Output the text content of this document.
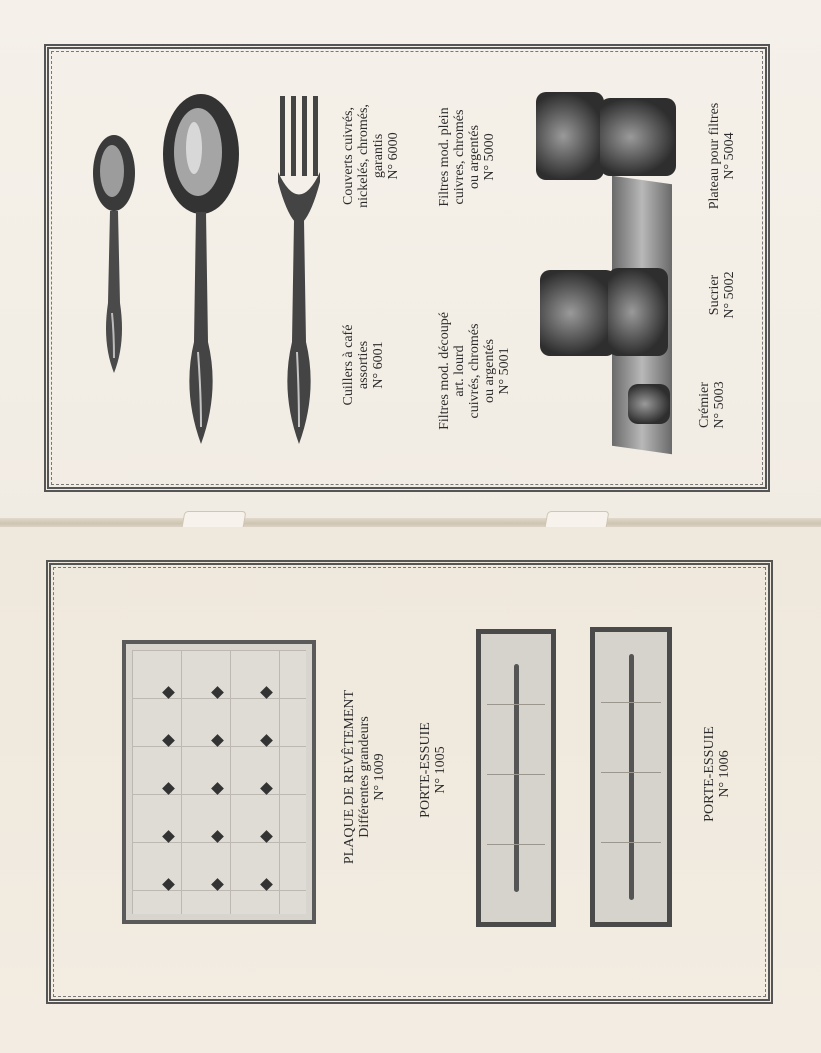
Cuillers à café assorties N° 6001
Couverts cuivrés, nickelés, chromés, garantis N° 6000
Filtres mod. découpé art. lourd cuivrés, chromés ou argentés N° 5001
Filtres mod. plein cuivres, chromés ou argentés N° 5000
Crémier N° 5003
Sucrier N° 5002
Plateau pour filtres N° 5004
PLAQUE DE REVÊTEMENT Différentes grandeurs N° 1009 PORTE-ESSUIE N° 1005	PORTE-ESSUIE N° 1006
